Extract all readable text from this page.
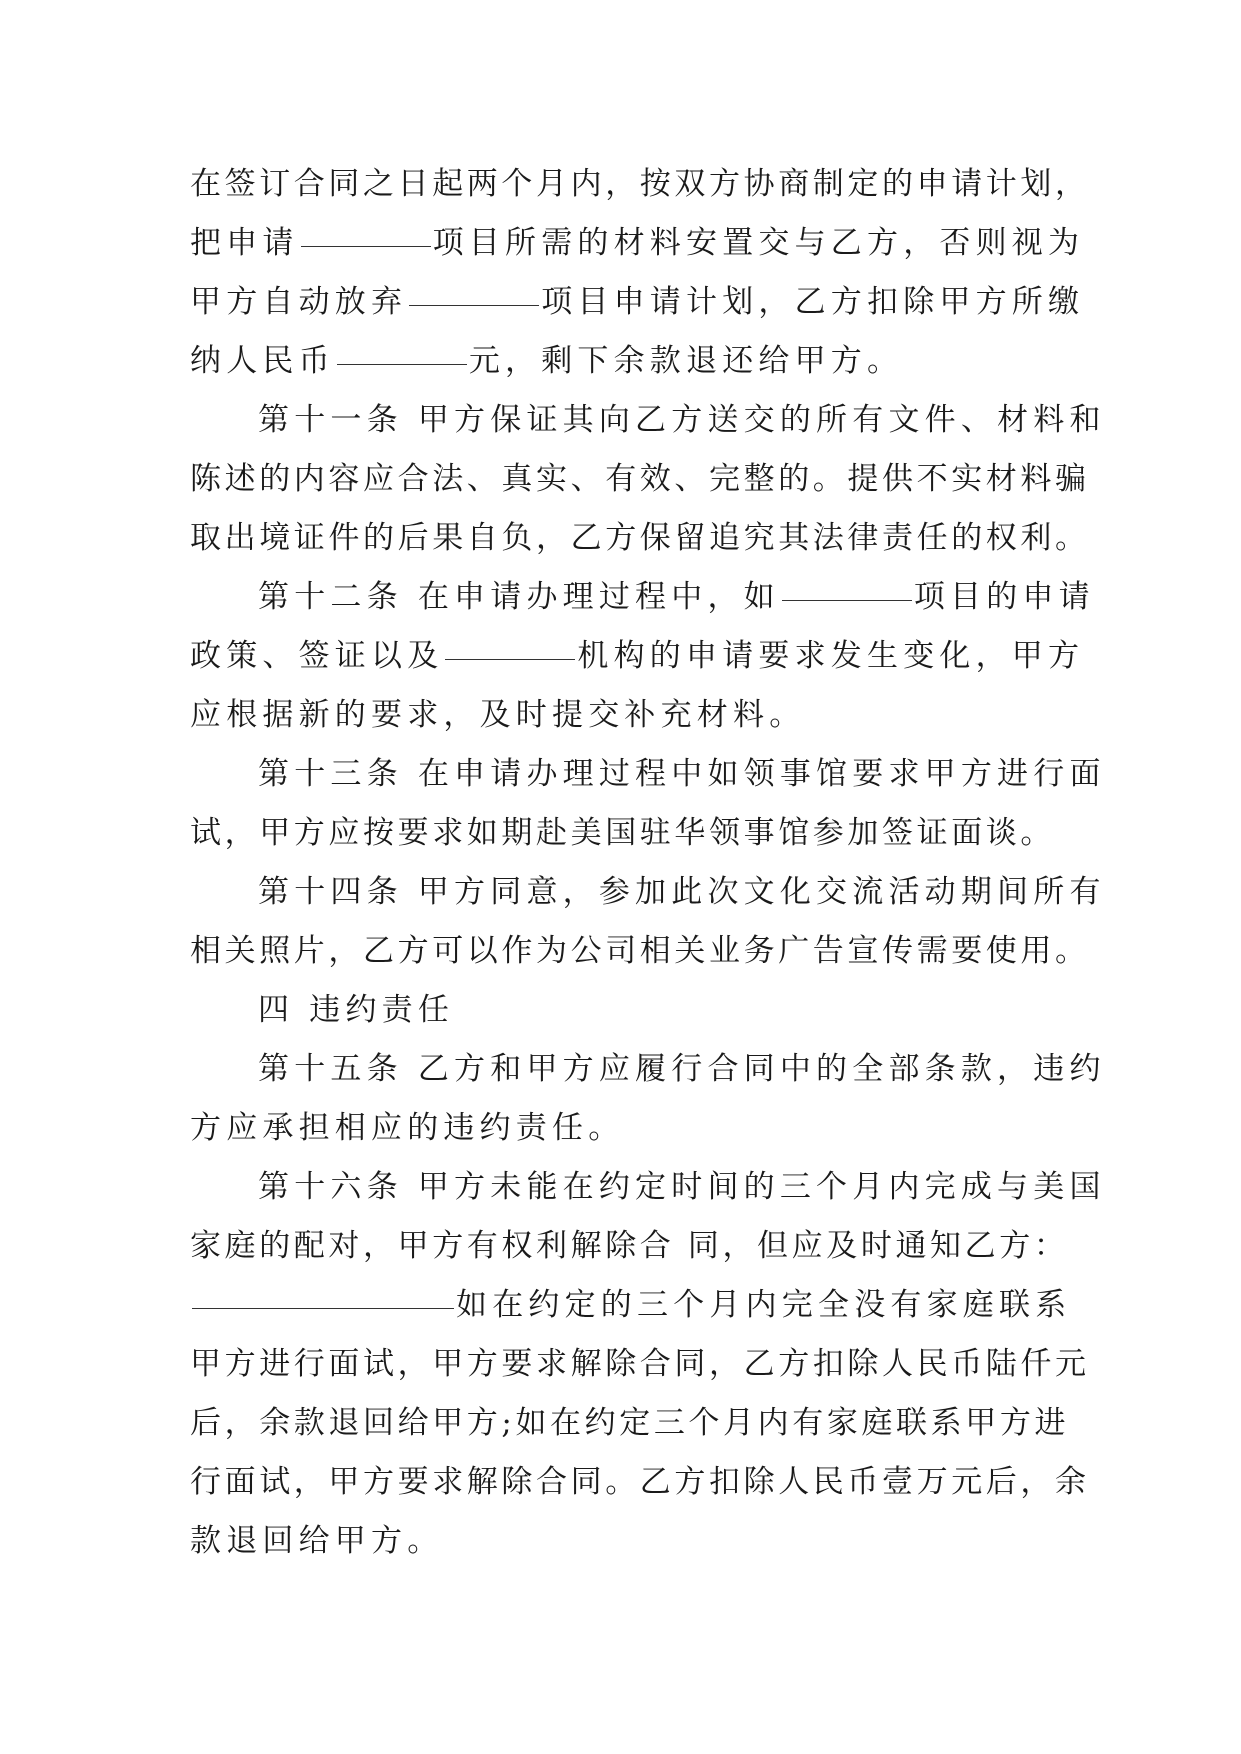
在签订合同之日起两个月内，按双方协商制定的申请计划，
把申请	项目所需的材料安置交与乙方，否则视为
甲方自动放弃	项目申请计划，乙方扣除甲方所缴
纳人民币	元，剩下余款退还给甲方。
第十一条 甲方保证其向乙方送交的所有文件、材料和
陈述的内容应合法、真实、有效、完整的。提供不实材料骗
取出境证件的后果自负，乙方保留追究其法律责任的权利。
第十二条 在申请办理过程中，如	项目的申请
政策、签证以及	机构的申请要求发生变化，甲方
应根据新的要求，及时提交补充材料。
第十三条 在申请办理过程中如领事馆要求甲方进行面
试，甲方应按要求如期赴美国驻华领事馆参加签证面谈。
第十四条 甲方同意，参加此次文化交流活动期间所有
相关照片，乙方可以作为公司相关业务广告宣传需要使用。
四 违约责任
第十五条 乙方和甲方应履行合同中的全部条款，违约
方应承担相应的违约责任。
第十六条 甲方未能在约定时间的三个月内完成与美国
家庭的配对，甲方有权利解除合 同，但应及时通知乙方：
如在约定的三个月内完全没有家庭联系
甲方进行面试，甲方要求解除合同，乙方扣除人民币陆仟元
后，余款退回给甲方;如在约定三个月内有家庭联系甲方进
行面试，甲方要求解除合同。乙方扣除人民币壹万元后，余
款退回给甲方。
